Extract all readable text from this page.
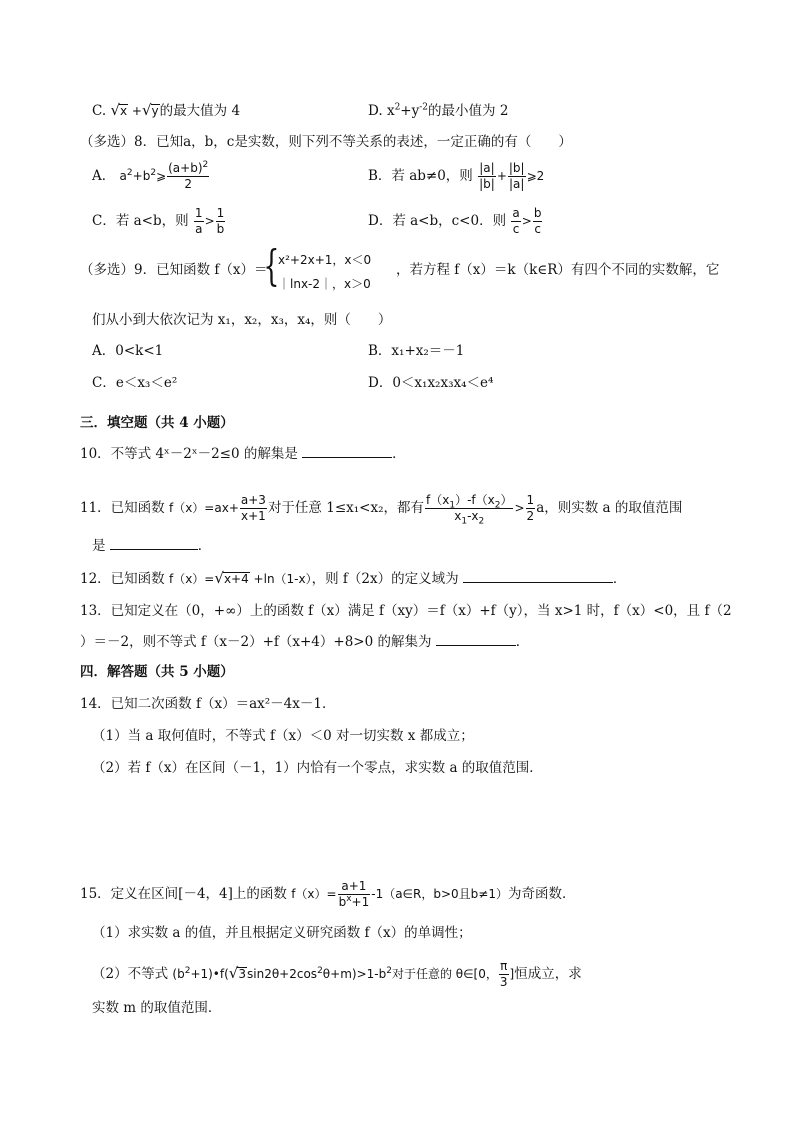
C. √x +√y的最大值为 4	D. $x^2+y^{-2}$的最小值为 2
（多选）8．已知a，b，c是实数，则下列不等关系的表述，一定正确的有（　　）
A． $a^2+b^2⩾ \frac{(a+b)^2}{2}$	B．若 ab≠0，则 $\frac{|a|}{|b|} + \frac{|b|}{|a|}$ ⩾2
C．若 a<b，则 $\frac{1}{a} > \frac{1}{b}$	D．若 a<b，c<0．则 $\frac{a}{c} > \frac{b}{c}$
（多选）9．已知函数 f（x）＝
{
x²+2x+1，x＜0
｜lnx-2｜，x＞0
，若方程 f（x）＝k（k∈R）有四个不同的实数解，它
们从小到大依次记为 x₁，x₂，x₃，x₄，则（　　）
A．0<k<1	B．x₁+x₂＝－1
C．e＜x₃＜e²	D．0＜x₁x₂x₃x₄＜e⁴
三．填空题（共 4 小题）
10．不等式 4ˣ－2ˣ－2≤0 的解集是	．
11．已知函数 $f(x)=ax+ \frac{a+3}{x+1}$ 对于任意 1≤x₁<x₂，都有 $\frac{f(x_1)-f(x_2)}{x_1-x_2} > \frac{1}{2}$ a，则实数 a 的取值范围
是	．
12．已知函数 f（x）=√x+4 +ln（1-x），则 f（2x）的定义域为	．
13．已知定义在（0，+∞）上的函数 f（x）满足 f（xy）＝f（x）+f（y），当 x>1 时，f（x）<0，且 f（2
）＝－2，则不等式 f（x－2）+f（x+4）+8>0 的解集为	．
四．解答题（共 5 小题）
14．已知二次函数 f（x）＝ax²－4x－1．
（1）当 a 取何值时，不等式 f（x）＜0 对一切实数 x 都成立；
（2）若 f（x）在区间（－1，1）内恰有一个零点，求实数 a 的取值范围．
15．定义在区间[－4，4]上的函数 $f(x)= \frac{a+1}{b^x+1}$ -1（a∈R，b>0且b≠1）为奇函数．
（1）求实数 a 的值，并且根据定义研究函数 f（x）的单调性；
（2）不等式 $(b^2+1)•f(√3\sin 2\theta+2\cos^2\theta+m)>1-b^2$对于任意的 θ∈[0， $\frac{\pi}{3}$ ]恒成立，求
实数 m 的取值范围．
